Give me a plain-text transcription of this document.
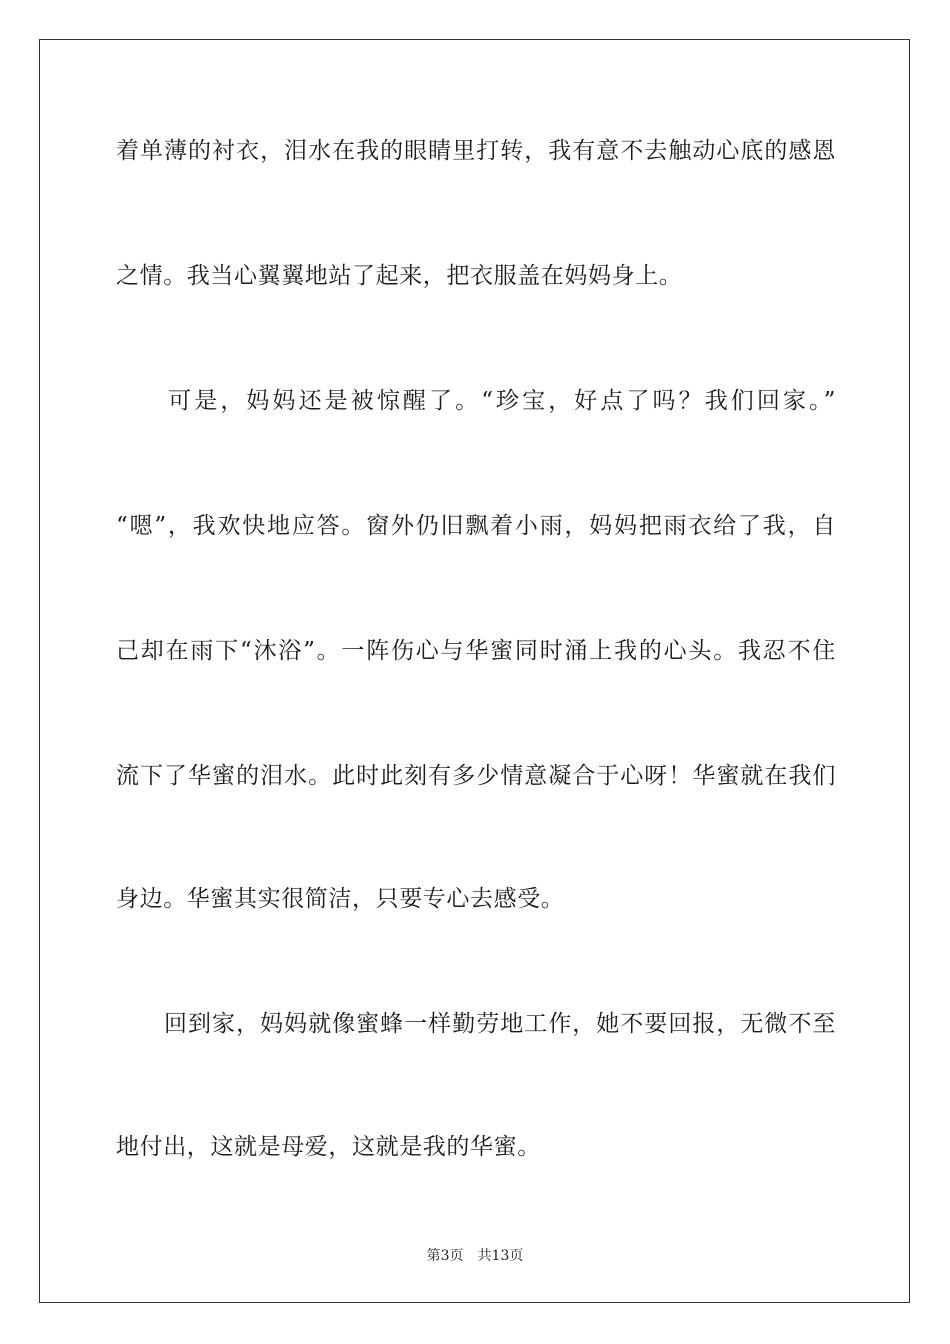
着单薄的衬衣，泪水在我的眼睛里打转，我有意不去触动心底的感恩
之情。我当心翼翼地站了起来，把衣服盖在妈妈身上。
　　可是，妈妈还是被惊醒了。“珍宝，好点了吗？我们回家。”
“嗯”，我欢快地应答。窗外仍旧飘着小雨，妈妈把雨衣给了我，自
己却在雨下“沐浴”。一阵伤心与华蜜同时涌上我的心头。我忍不住
流下了华蜜的泪水。此时此刻有多少情意凝合于心呀！华蜜就在我们
身边。华蜜其实很简洁，只要专心去感受。
　　回到家，妈妈就像蜜蜂一样勤劳地工作，她不要回报，无微不至
地付出，这就是母爱，这就是我的华蜜。
第3页 共13页
